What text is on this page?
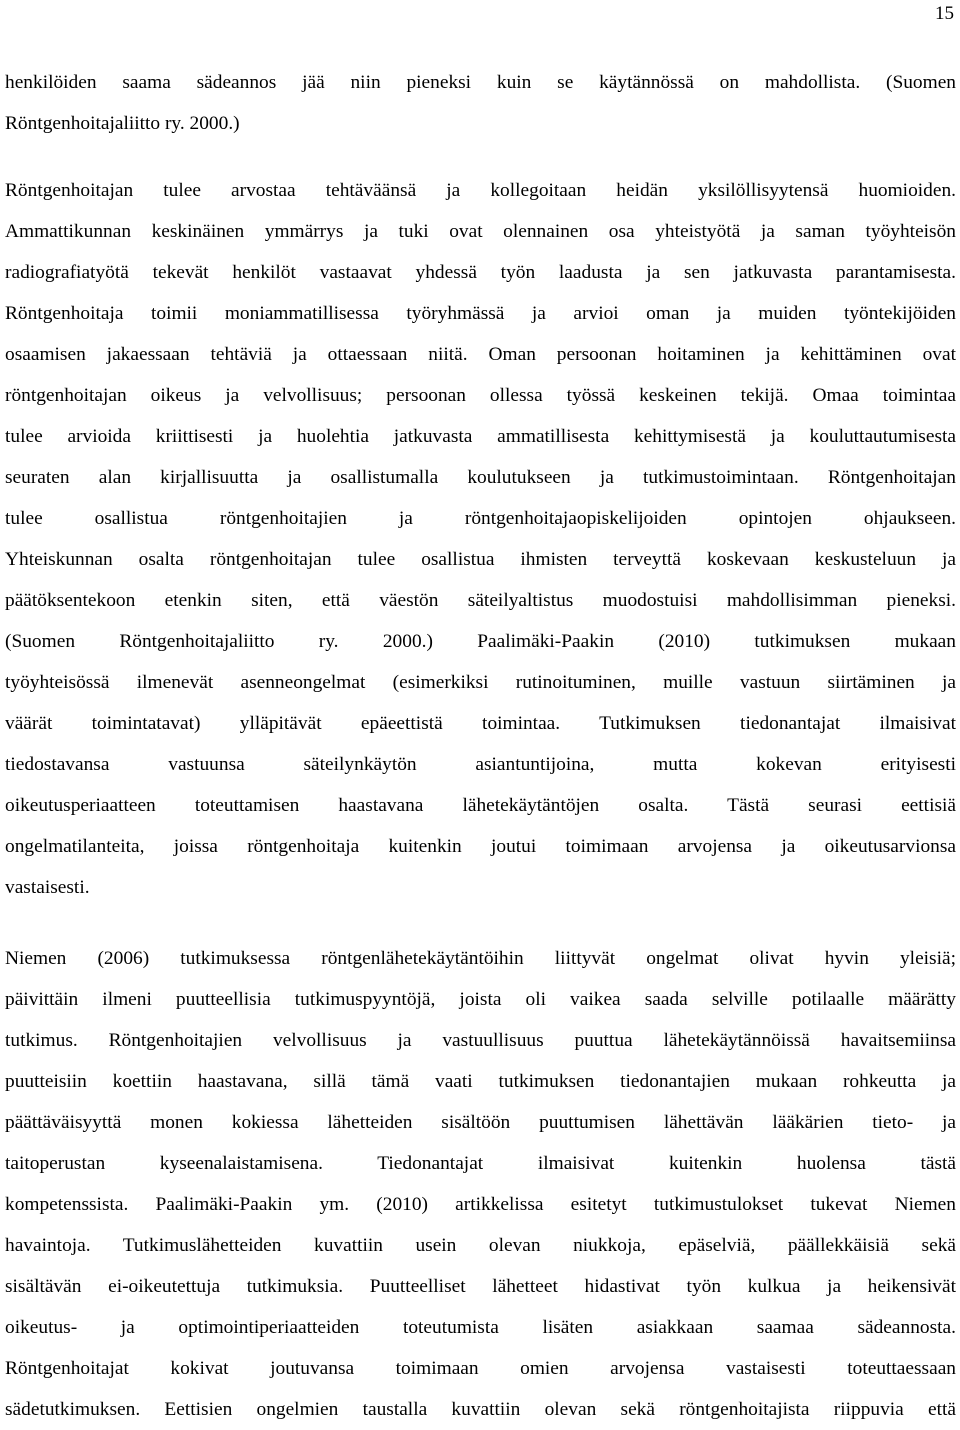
15
henkilöiden saama sädeannos jää niin pieneksi kuin se käytännössä on mahdollista. (Suomen
Röntgenhoitajaliitto ry. 2000.)
Röntgenhoitajan tulee arvostaa tehtäväänsä ja kollegoitaan heidän yksilöllisyytensä huomioiden.
Ammattikunnan keskinäinen ymmärrys ja tuki ovat olennainen osa yhteistyötä ja saman työyhteisön
radiografiatyötä tekevät henkilöt vastaavat yhdessä työn laadusta ja sen jatkuvasta parantamisesta.
Röntgenhoitaja toimii moniammatillisessa työryhmässä ja arvioi oman ja muiden työntekijöiden
osaamisen jakaessaan tehtäviä ja ottaessaan niitä. Oman persoonan hoitaminen ja kehittäminen ovat
röntgenhoitajan oikeus ja velvollisuus; persoonan ollessa työssä keskeinen tekijä. Omaa toimintaa
tulee arvioida kriittisesti ja huolehtia jatkuvasta ammatillisesta kehittymisestä ja kouluttautumisesta
seuraten alan kirjallisuutta ja osallistumalla koulutukseen ja tutkimustoimintaan. Röntgenhoitajan
tulee osallistua röntgenhoitajien ja röntgenhoitajaopiskelijoiden opintojen ohjaukseen.
Yhteiskunnan osalta röntgenhoitajan tulee osallistua ihmisten terveyttä koskevaan keskusteluun ja
päätöksentekoon etenkin siten, että väestön säteilyaltistus muodostuisi mahdollisimman pieneksi.
(Suomen Röntgenhoitajaliitto ry. 2000.) Paalimäki-Paakin (2010) tutkimuksen mukaan
työyhteisössä ilmenevät asenneongelmat (esimerkiksi rutinoituminen, muille vastuun siirtäminen ja
väärät toimintatavat) ylläpitävät epäeettistä toimintaa. Tutkimuksen tiedonantajat ilmaisivat
tiedostavansa vastuunsa säteilynkäytön asiantuntijoina, mutta kokevan erityisesti
oikeutusperiaatteen toteuttamisen haastavana lähetekäytäntöjen osalta. Tästä seurasi eettisiä
ongelmatilanteita, joissa röntgenhoitaja kuitenkin joutui toimimaan arvojensa ja oikeutusarvionsa
vastaisesti.
Niemen (2006) tutkimuksessa röntgenlähetekäytäntöihin liittyvät ongelmat olivat hyvin yleisiä;
päivittäin ilmeni puutteellisia tutkimuspyyntöjä, joista oli vaikea saada selville potilaalle määrätty
tutkimus. Röntgenhoitajien velvollisuus ja vastuullisuus puuttua lähetekäytännöissä havaitsemiinsa
puutteisiin koettiin haastavana, sillä tämä vaati tutkimuksen tiedonantajien mukaan rohkeutta ja
päättäväisyyttä monen kokiessa lähetteiden sisältöön puuttumisen lähettävän lääkärien tieto- ja
taitoperustan kyseenalaistamisena. Tiedonantajat ilmaisivat kuitenkin huolensa tästä
kompetenssista. Paalimäki-Paakin ym. (2010) artikkelissa esitetyt tutkimustulokset tukevat Niemen
havaintoja. Tutkimuslähetteiden kuvattiin usein olevan niukkoja, epäselviä, päällekkäisiä sekä
sisältävän ei-oikeutettuja tutkimuksia. Puutteelliset lähetteet hidastivat työn kulkua ja heikensivät
oikeutus- ja optimointiperiaatteiden toteutumista lisäten asiakkaan saamaa sädeannosta.
Röntgenhoitajat kokivat joutuvansa toimimaan omien arvojensa vastaisesti toteuttaessaan
sädetutkimuksen. Eettisien ongelmien taustalla kuvattiin olevan sekä röntgenhoitajista riippuvia että
